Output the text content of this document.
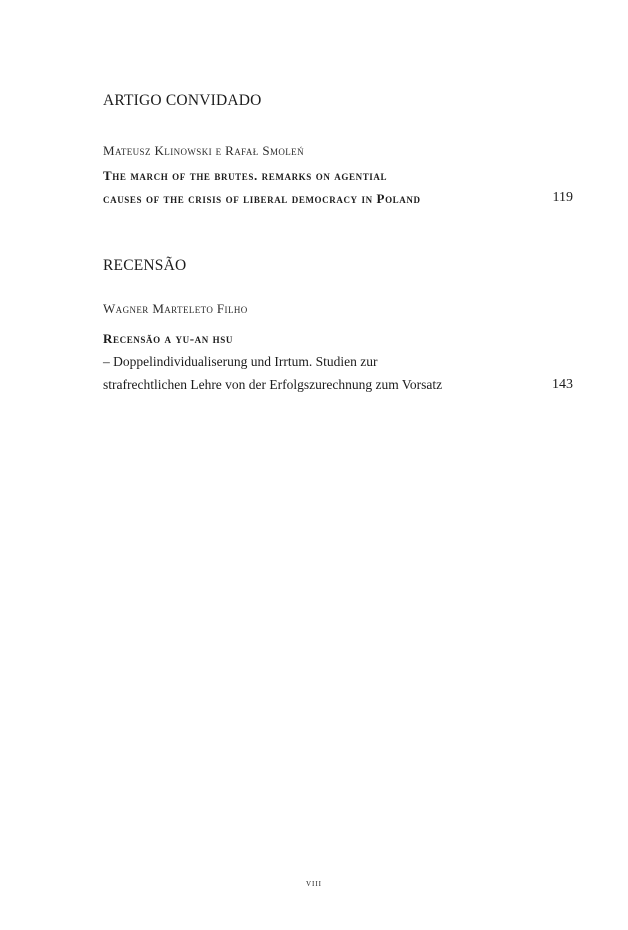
ARTIGO CONVIDADO
Mateusz Klinowski e Rafał Smoleń
The march of the brutes. remarks on agential
causes of the crisis of liberal democracy in Poland	119
RECENSÃO
Wagner Marteleto Filho
Recensão a yu-an hsu
– Doppelindividualiserung und Irrtum. Studien zur
strafrechtlichen Lehre von der Erfolgszurechnung zum Vorsatz	143
viii
